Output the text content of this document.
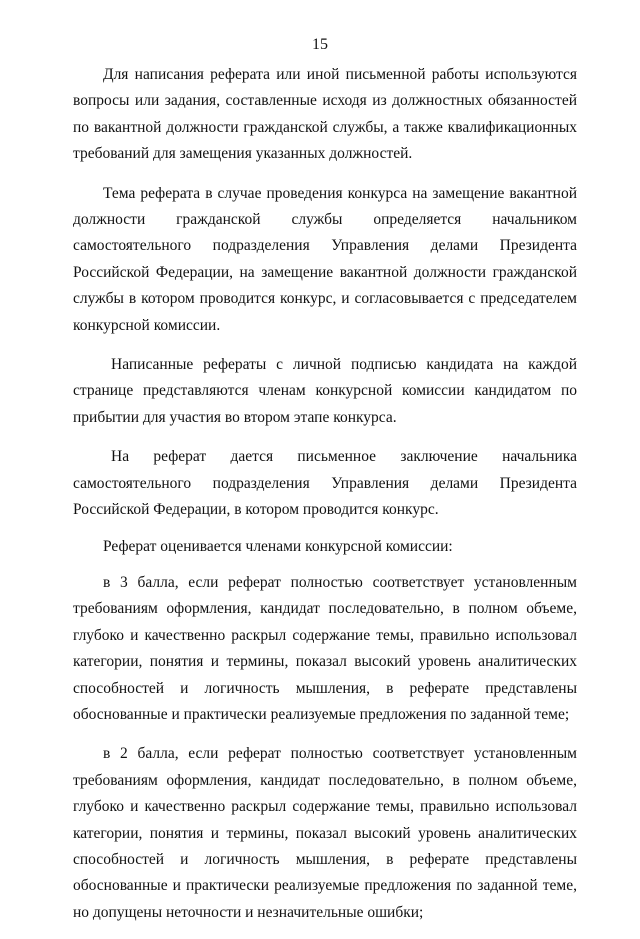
15

Для написания реферата или иной письменной работы используются вопросы или задания, составленные исходя из должностных обязанностей по вакантной должности гражданской службы, а также квалификационных требований для замещения указанных должностей.

Тема реферата в случае проведения конкурса на замещение вакантной должности гражданской службы определяется начальником самостоятельного подразделения Управления делами Президента Российской Федерации, на замещение вакантной должности гражданской службы в котором проводится конкурс, и согласовывается с председателем конкурсной комиссии.

Написанные рефераты с личной подписью кандидата на каждой странице представляются членам конкурсной комиссии кандидатом по прибытии для участия во втором этапе конкурса.

На реферат дается письменное заключение начальника самостоятельного подразделения Управления делами Президента Российской Федерации, в котором проводится конкурс.

Реферат оценивается членами конкурсной комиссии:

в 3 балла, если реферат полностью соответствует установленным требованиям оформления, кандидат последовательно, в полном объеме, глубоко и качественно раскрыл содержание темы, правильно использовал категории, понятия и термины, показал высокий уровень аналитических способностей и логичность мышления, в реферате представлены обоснованные и практически реализуемые предложения по заданной теме;

в 2 балла, если реферат полностью соответствует установленным требованиям оформления, кандидат последовательно, в полном объеме, глубоко и качественно раскрыл содержание темы, правильно использовал категории, понятия и термины, показал высокий уровень аналитических способностей и логичность мышления, в реферате представлены обоснованные и практически реализуемые предложения по заданной теме, но допущены неточности и незначительные ошибки;
